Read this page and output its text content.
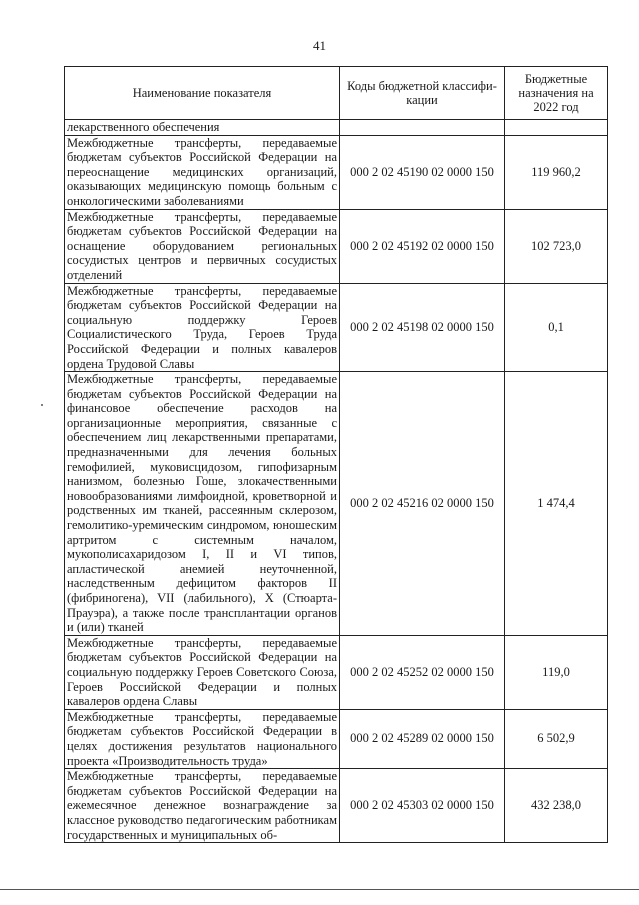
41
Наименование показателя	Коды бюджетной классифи-кации	Бюджетные назначения на 2022 год
лекарственного обеспечения		
Межбюджетные трансферты, передаваемые бюджетам субъектов Российской Федерации на переоснащение медицинских организаций, оказывающих медицинскую помощь больным с онкологическими заболеваниями	000 2 02 45190 02 0000 150	119 960,2
Межбюджетные трансферты, передаваемые бюджетам субъектов Российской Федерации на оснащение оборудованием региональных сосудистых центров и первичных сосудистых отделений	000 2 02 45192 02 0000 150	102 723,0
Межбюджетные трансферты, передаваемые бюджетам субъектов Российской Федерации на социальную поддержку Героев Социалистического Труда, Героев Труда Российской Федерации и полных кавалеров ордена Трудовой Славы	000 2 02 45198 02 0000 150	0,1
Межбюджетные трансферты, передаваемые бюджетам субъектов Российской Федерации на финансовое обеспечение расходов на организационные мероприятия, связанные с обеспечением лиц лекарственными препаратами, предназначенными для лечения больных гемофилией, муковисцидозом, гипофизарным нанизмом, болезнью Гоше, злокачественными новообразованиями лимфоидной, кроветворной и родственных им тканей, рассеянным склерозом, гемолитико-уремическим синдромом, юношеским артритом с системным началом, мукополисахаридозом I, II и VI типов, апластической анемией неуточненной, наследственным дефицитом факторов II (фибриногена), VII (лабильного), X (Стюарта-Прауэра), а также после трансплантации органов и (или) тканей	000 2 02 45216 02 0000 150	1 474,4
Межбюджетные трансферты, передаваемые бюджетам субъектов Российской Федерации на социальную поддержку Героев Советского Союза, Героев Российской Федерации и полных кавалеров ордена Славы	000 2 02 45252 02 0000 150	119,0
Межбюджетные трансферты, передаваемые бюджетам субъектов Российской Федерации в целях достижения результатов национального проекта «Производительность труда»	000 2 02 45289 02 0000 150	6 502,9
Межбюджетные трансферты, передаваемые бюджетам субъектов Российской Федерации на ежемесячное денежное вознаграждение за классное руководство педагогическим работникам государственных и муниципальных об-	000 2 02 45303 02 0000 150	432 238,0
